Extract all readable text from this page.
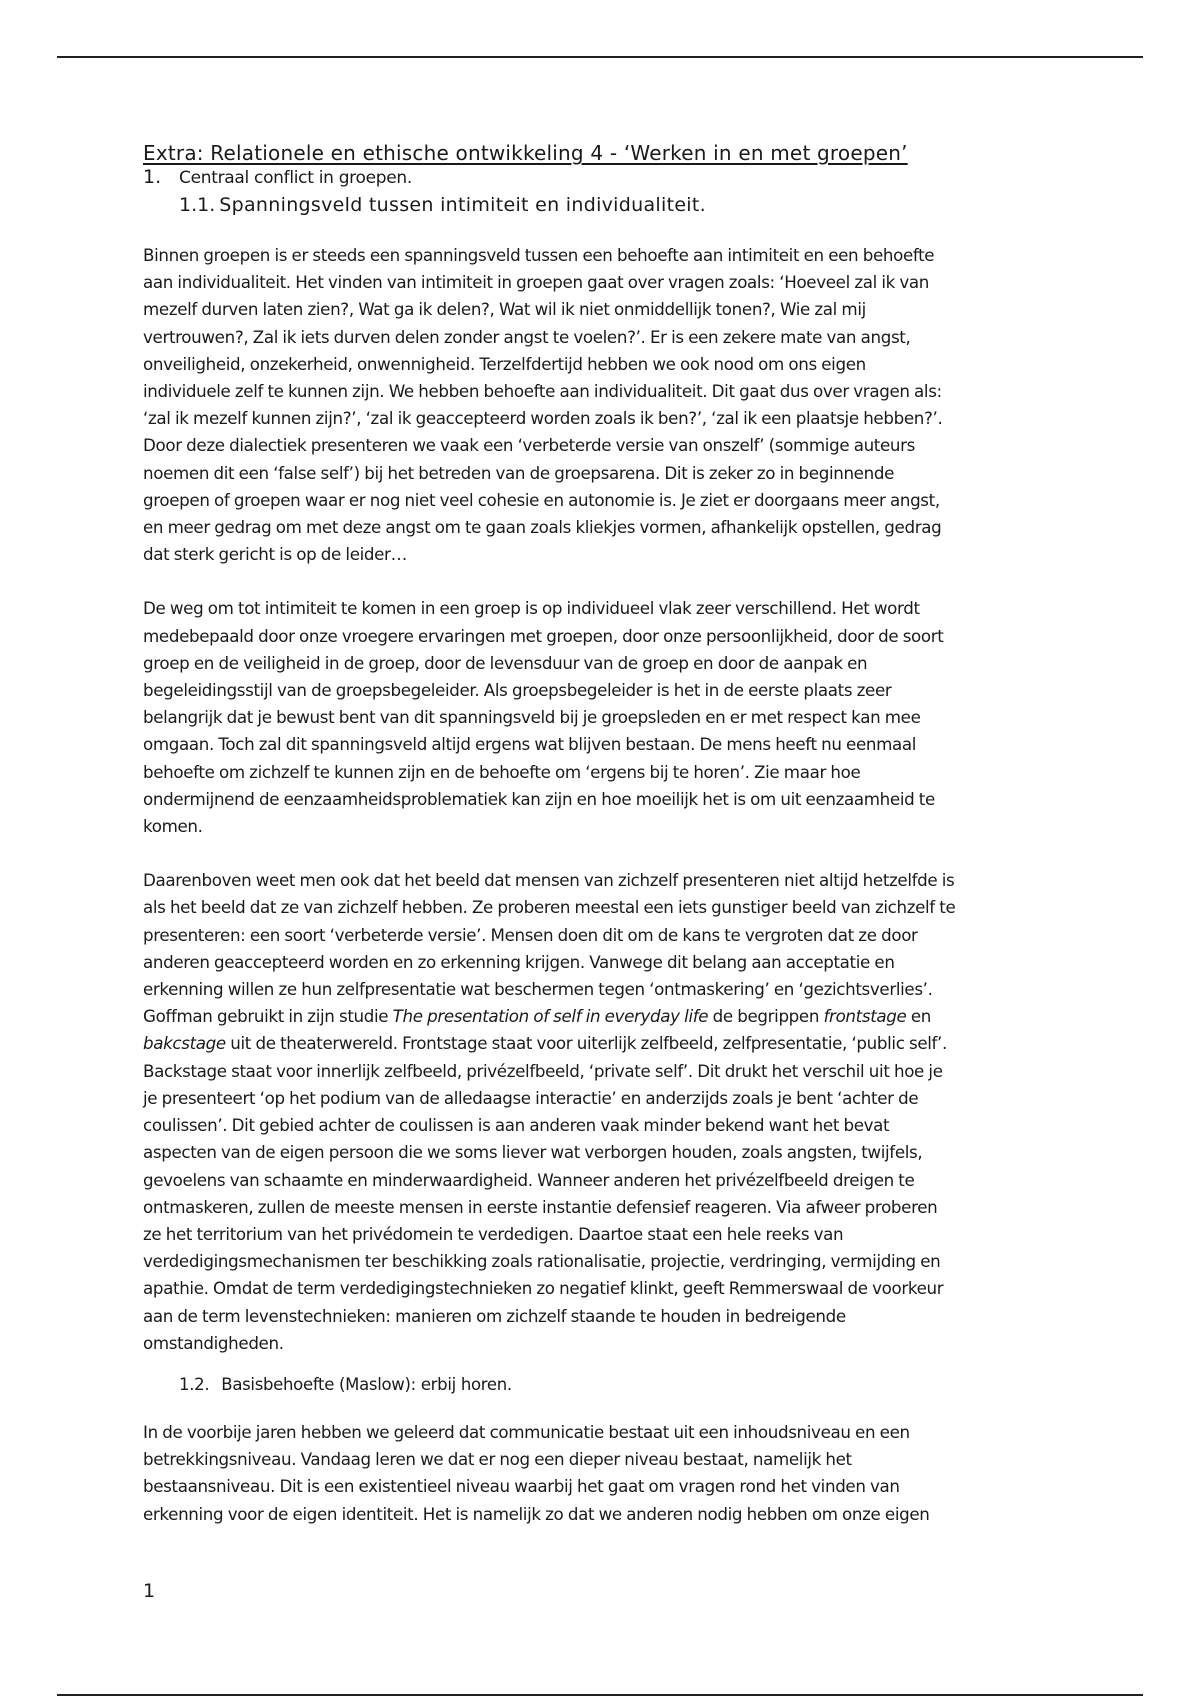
Extra: Relationele en ethische ontwikkeling 4 - ‘Werken in en met groepen’
1.	Centraal conflict in groepen.
1.1. Spanningsveld tussen intimiteit en individualiteit.
Binnen groepen is er steeds een spanningsveld tussen een behoefte aan intimiteit en een behoefte
aan individualiteit. Het vinden van intimiteit in groepen gaat over vragen zoals: ‘Hoeveel zal ik van
mezelf durven laten zien?, Wat ga ik delen?, Wat wil ik niet onmiddellijk tonen?, Wie zal mij
vertrouwen?, Zal ik iets durven delen zonder angst te voelen?’. Er is een zekere mate van angst,
onveiligheid, onzekerheid, onwennigheid. Terzelfdertijd hebben we ook nood om ons eigen
individuele zelf te kunnen zijn. We hebben behoefte aan individualiteit. Dit gaat dus over vragen als:
‘zal ik mezelf kunnen zijn?’, ‘zal ik geaccepteerd worden zoals ik ben?’, ‘zal ik een plaatsje hebben?’.
Door deze dialectiek presenteren we vaak een ‘verbeterde versie van onszelf’ (sommige auteurs
noemen dit een ‘false self’) bij het betreden van de groepsarena. Dit is zeker zo in beginnende
groepen of groepen waar er nog niet veel cohesie en autonomie is. Je ziet er doorgaans meer angst,
en meer gedrag om met deze angst om te gaan zoals kliekjes vormen, afhankelijk opstellen, gedrag
dat sterk gericht is op de leider…
De weg om tot intimiteit te komen in een groep is op individueel vlak zeer verschillend. Het wordt
medebepaald door onze vroegere ervaringen met groepen, door onze persoonlijkheid, door de soort
groep en de veiligheid in de groep, door de levensduur van de groep en door de aanpak en
begeleidingsstijl van de groepsbegeleider. Als groepsbegeleider is het in de eerste plaats zeer
belangrijk dat je bewust bent van dit spanningsveld bij je groepsleden en er met respect kan mee
omgaan. Toch zal dit spanningsveld altijd ergens wat blijven bestaan. De mens heeft nu eenmaal
behoefte om zichzelf te kunnen zijn en de behoefte om ‘ergens bij te horen’. Zie maar hoe
ondermijnend de eenzaamheidsproblematiek kan zijn en hoe moeilijk het is om uit eenzaamheid te
komen.
Daarenboven weet men ook dat het beeld dat mensen van zichzelf presenteren niet altijd hetzelfde is
als het beeld dat ze van zichzelf hebben. Ze proberen meestal een iets gunstiger beeld van zichzelf te
presenteren: een soort ‘verbeterde versie’. Mensen doen dit om de kans te vergroten dat ze door
anderen geaccepteerd worden en zo erkenning krijgen. Vanwege dit belang aan acceptatie en
erkenning willen ze hun zelfpresentatie wat beschermen tegen ‘ontmaskering’ en ‘gezichtsverlies’.
Goffman gebruikt in zijn studie The presentation of self in everyday life de begrippen frontstage en
bakcstage uit de theaterwereld. Frontstage staat voor uiterlijk zelfbeeld, zelfpresentatie, ‘public self’.
Backstage staat voor innerlijk zelfbeeld, privézelfbeeld, ‘private self’. Dit drukt het verschil uit hoe je
je presenteert ‘op het podium van de alledaagse interactie’ en anderzijds zoals je bent ‘achter de
coulissen’. Dit gebied achter de coulissen is aan anderen vaak minder bekend want het bevat
aspecten van de eigen persoon die we soms liever wat verborgen houden, zoals angsten, twijfels,
gevoelens van schaamte en minderwaardigheid. Wanneer anderen het privézelfbeeld dreigen te
ontmaskeren, zullen de meeste mensen in eerste instantie defensief reageren. Via afweer proberen
ze het territorium van het privédomein te verdedigen. Daartoe staat een hele reeks van
verdedigingsmechanismen ter beschikking zoals rationalisatie, projectie, verdringing, vermijding en
apathie. Omdat de term verdedigingstechnieken zo negatief klinkt, geeft Remmerswaal de voorkeur
aan de term levenstechnieken: manieren om zichzelf staande te houden in bedreigende
omstandigheden.
1.2. Basisbehoefte (Maslow): erbij horen.
In de voorbije jaren hebben we geleerd dat communicatie bestaat uit een inhoudsniveau en een
betrekkingsniveau. Vandaag leren we dat er nog een dieper niveau bestaat, namelijk het
bestaansniveau. Dit is een existentieel niveau waarbij het gaat om vragen rond het vinden van
erkenning voor de eigen identiteit. Het is namelijk zo dat we anderen nodig hebben om onze eigen
1
